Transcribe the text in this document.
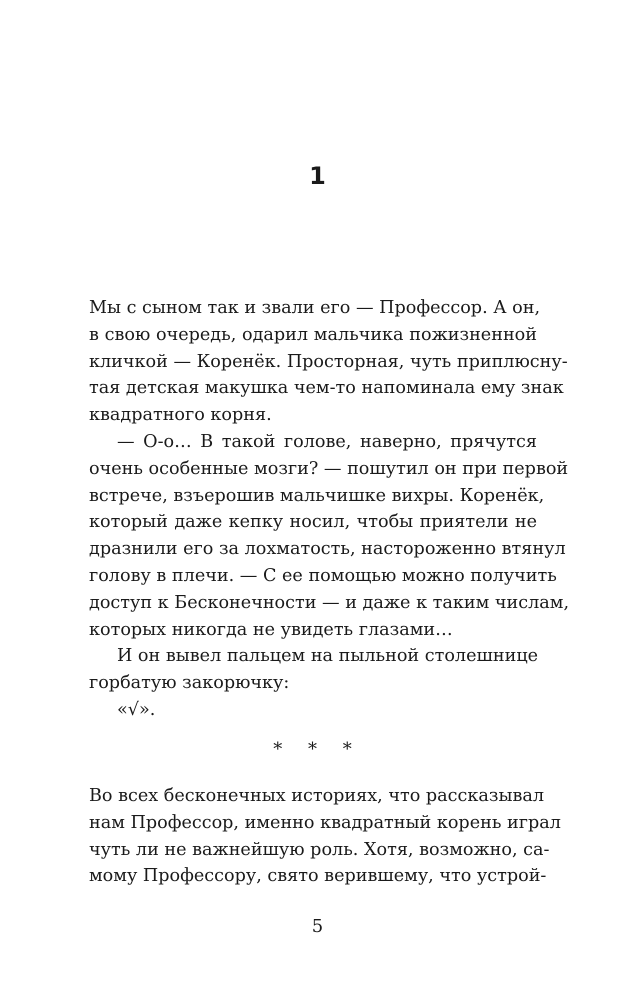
1
Мы с сыном так и звали его — Профессор. А он,
в свою очередь, одарил мальчика пожизненной
кличкой — Коренёк. Просторная, чуть приплюсну-
тая детская макушка чем-то напоминала ему знак
квадратного корня.
— О-о… В такой голове, наверно, прячутся
очень особенные мозги? — пошутил он при первой
встрече, взъерошив мальчишке вихры. Коренёк,
который даже кепку носил, чтобы приятели не
дразнили его за лохматость, настороженно втянул
голову в плечи. — С ее помощью можно получить
доступ к Бесконечности — и даже к таким числам,
которых никогда не увидеть глазами…
И он вывел пальцем на пыльной столешнице
горбатую закорючку:
«√».
* * *
Во всех бесконечных историях, что рассказывал
нам Профессор, именно квадратный корень играл
чуть ли не важнейшую роль. Хотя, возможно, са-
мому Профессору, свято верившему, что устрой-
5
